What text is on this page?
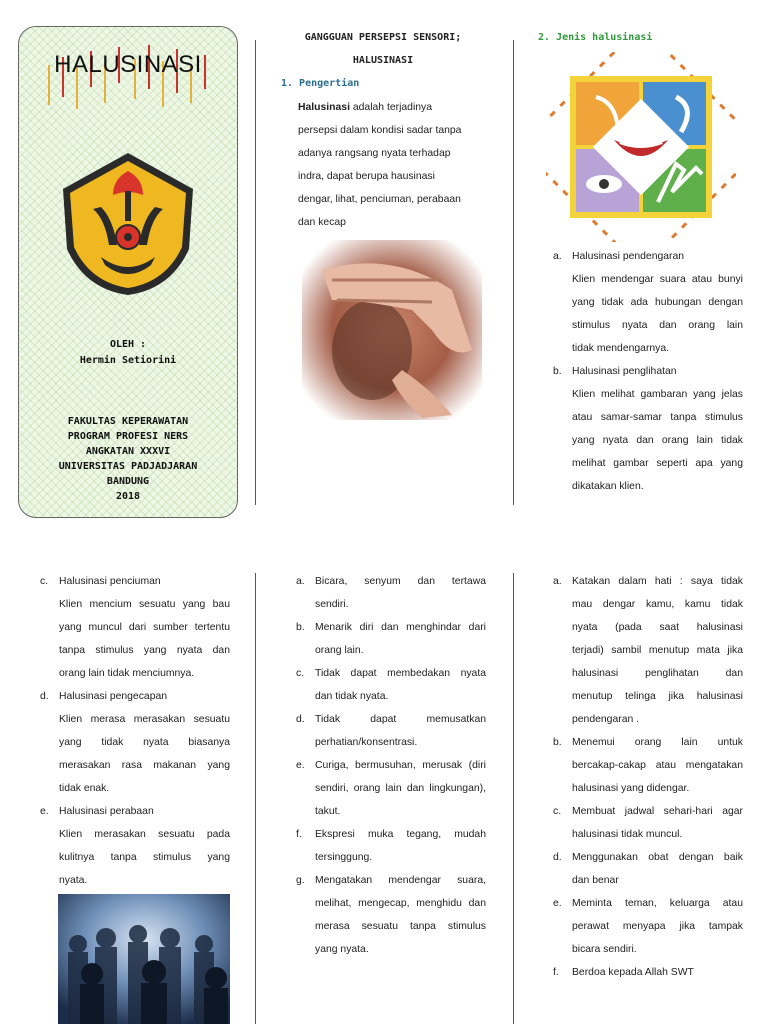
HALUSINASI
OLEH :
Hermin Setiorini
FAKULTAS KEPERAWATAN
PROGRAM PROFESI NERS
ANGKATAN XXXVI
UNIVERSITAS PADJADJARAN
BANDUNG
2018
GANGGUAN PERSEPSI SENSORI;
HALUSINASI
1. Pengertian
Halusinasi adalah terjadinya
persepsi dalam kondisi sadar tanpa
adanya rangsang nyata terhadap
indra, dapat berupa hausinasi
dengar, lihat, penciuman, perabaan
dan kecap
2. Jenis halusinasi
a. Halusinasi pendengaran
Klien mendengar suara atau bunyi
yang tidak ada hubungan dengan
stimulus nyata dan orang lain
tidak mendengarnya.
b. Halusinasi penglihatan
Klien melihat gambaran yang jelas
atau samar-samar tanpa stimulus
yang nyata dan orang lain tidak
melihat gambar seperti apa yang
dikatakan klien.
c. Halusinasi penciuman
Klien mencium sesuatu yang bau
yang muncul dari sumber tertentu
tanpa stimulus yang nyata dan
orang lain tidak menciumnya.
d. Halusinasi pengecapan
Klien merasa merasakan sesuatu
yang tidak nyata biasanya
merasakan rasa makanan yang
tidak enak.
e. Halusinasi perabaan
Klien merasakan sesuatu pada
kulitnya tanpa stimulus yang
nyata.
a. Bicara, senyum dan tertawa
sendiri.
b. Menarik diri dan menghindar dari
orang lain.
c. Tidak dapat membedakan nyata
dan tidak nyata.
d. Tidak dapat memusatkan
perhatian/konsentrasi.
e. Curiga, bermusuhan, merusak (diri
sendiri, orang lain dan lingkungan),
takut.
f. Ekspresi muka tegang, mudah
tersinggung.
g. Mengatakan mendengar suara,
melihat, mengecap, menghidu dan
merasa sesuatu tanpa stimulus
yang nyata.
a. Katakan dalam hati : saya tidak
mau dengar kamu, kamu tidak
nyata (pada saat halusinasi
terjadi) sambil menutup mata jika
halusinasi penglihatan dan
menutup telinga jika halusinasi
pendengaran .
b. Menemui orang lain untuk
bercakap-cakap atau mengatakan
halusinasi yang didengar.
c. Membuat jadwal sehari-hari agar
halusinasi tidak muncul.
d. Menggunakan obat dengan baik
dan benar
e. Meminta teman, keluarga atau
perawat menyapa jika tampak
bicara sendiri.
f. Berdoa kepada Allah SWT
